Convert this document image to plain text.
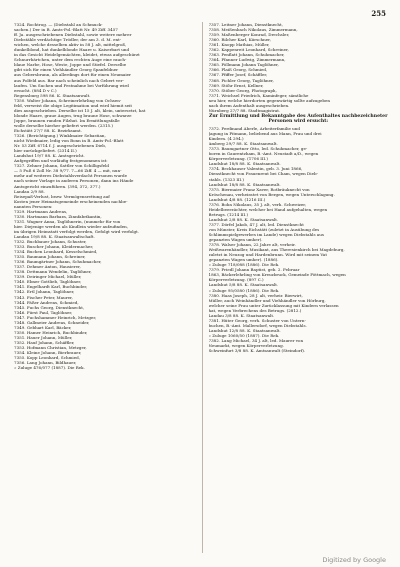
255
7324. Rochtrog. — (Diebstahl an Schmuck-
sachen.) Der in B. Amts-Pol.-Blatt Nr. 49 Ziff. 3457
ff. Ja. ausgeschriebenen Diebstahl, sowie weitere mehrer
Diebstähle verdächtige Trödler, der am 3. d. M. ent-
wichen, welche desselben aktiv in 58 J. alt, mittelgroß,
dunkelblond, hat dunkelblonde Haare u. Kaiserbart und
in das Gesicht Heidelgemächten, kleidet, etwas aufgeschürzt
Schnurrbärtchen, unter dem rechten Auge eine rauch-
blaue Narbe, Hose, Weste, Joppe und Stiefel. Derselbe
gibt sich für einen Viehhändler Georg Spanfeldner
aus Gebersbrunn, als allerdings dort für einen Neumaier
aus Polfeld aus. Bar nach scheinlich nach Gebert ver-
laufen. Um Suchen und Festnahme bei Vorführung wird
ersucht. (884 D v C.)
Regensburg 598 86. K. Staatsanwalt.
7350. Walter Johann, Schreinerlehrling von Ochsen-
feld, verweist die obige Legitimation und wird hiemit seit
dies ausgeschrieben. Derselbe ist 15 J. alt, klein, untersetzt, hat
blonde Haare, graue Augen, trug braune Hose, schwarze
Joppe, braunen runden Filzhut. Im Ermittlungsfalle
wolle derselbe hierher geliefert werden. (2315.)
Eichstätt 27/7 88. K. Bezirksamt.
7326. (Berichtigung.) Winklmaier Sebastian,
nicht Wiedmaier, ledig von Bonn in B. Amts-Pol.-Blatt
Nr. 53 Ziff. 6714 f. J. ausgeschriebenen Dieb,
hier zurückgeliefert. (2314 II.)
Landshut 19/7 88. K. Amtsgericht.
Aufgegriffen und vorläufig festgenommen ist:
7327. Zehner Johann, Sattler von Schilligsfeld
— 5 Fuß 6 Zoll Nr. 38 9/77. 7—66 Ziff. 4 — mit, nun-
mehr auf weiteres Diebstahlsverdacht Personen wurde
nach seiner Vorlage in anderen Personen, dann ins Hände
Amtsgericht einzuführen. (394, 372, 377.)
Landau 2/9 88.
Reisepaß-Verlust, bezw. Vermögensrettung auf
Kosten jener Heimatsgemeinde erscheinenden nachbe-
nannten Personen:
7329. Hartmann Andreas,
7330. Hartmann Barbara, Zinnfabrikantin,
7331. Wagner Anna, Taglöhnerin, (nunmehr für von
hier. Diejenige werden als Kindlein wieder aufzufinden,
im übrigen Heimstatt verfolgt werden, Gefolgt wird verfolgt.
Landau 19/8 88. K. Staatsanwaltschaft.
7332. Buchbauer Johann, Schuster,
7333. Buscher Johann, Kleidermacher,
7334. Buchen Leonhard, Kesselschmied,
7335. Baumann Johann, Schreiner,
7336. Baumgärtner Johann, Schuhmacher,
7337. Dehmer Anton, Hausierer,
7338. Dettmann Wendelin, Taglöhner,
7339. Deiringer Michael, Müller,
7340. Ebner Gottlieb, Taglöhner,
7341. Engelhardt Karl, Buchbinder,
7342. Ertl Johann, Taglöhner,
7343. Fischer Peter, Maurer,
7344. Fäßer Andreas, Schmied,
7345. Fuchs Georg, Dienstknecht,
7346. Fürst Paul, Taglöhner,
7347. Fuchshammer Heinrich, Metzger,
7348. Gallmeier Andreas, Schneider,
7349. Gebhart Karl, Bäcker,
7350. Hamer Heinrich, Buchbinder,
7351. Hauer Johann, Müller,
7352. Hauf Johann, Schäffler,
7353. Hofmann Christian, Metzger,
7354. Kleine Johann, Bierbrauer,
7355. Kopp Leonhard, Schmied,
7356. Lang Johann, Bildhauer,
» Zuluge 476/077 (1887). Die Rek.
7357. Leitner Johann, Dienstknecht,
7358. Meißenbach Nikolaus, Zimmermann,
7359. Maßenberger Konrad, Drechsler,
7360. Rilcher Karl, Kürschner,
7361. Knopp Mathias, Müller,
7362. Kappenreit Leonhard, Schreiner,
7363. Penflatt Johann, Schuhmacher,
7364. Pfanner Ludwig, Zimmermann,
7365. Pöllmann Johann Taglöhner,
7366. Plaiß Georg, Schmied,
7367. Pfiffer Josef, Schäffler,
7368. Pichler Georg, Taglöhner,
7369. Stöhr Ernst, Kellner,
7370. Stöber Georg, Photograph,
7371. Weichsel Friedrich, Kaminfeger, sämtliche
neu hier, welche hierdorten gegenwärtig sollte aufzugeben
nach ihrem Aufenthalt ausgeschrieben.
Nürnberg 27/7 88. Stadtmagistrat.
Zur Ermittlung und Bekanntgabe des Aufenthaltes nachbezeichneter Personen wird ersucht:
7372. Ferdinand Aberle, Arbeiterfamilie und
Jagung in Pitmann, beliebend aus Mann, Frau und drei
Kindern. (4 294.)
Amberg 29/7 88. K. Staatsanwalt.
7373. Baumgartner Otto, led. Schuhmacher, ge-
boren in Gaurentzham, B.-Amt. Neustadt a/D., wegen
Körperverletzung. (1706 III.)
Landshut 18/8 88. K. Staatsanwalt.
7374. Beckhauser Valentin, geb. 3. Juni 1866,
Dienstknecht von Frauenreut bei Cham, wegen Dieb-
stahls. (1323 III.)
Landshut 18/8 88. K. Staatsanwalt.
7375. Biermaier Franz Xaver, Rotbräuknecht von
Kröschenau, verheiratet von Bergen, wegen Unterschlagung.
Landshut 4/8 88. (1216 III.)
7376. Bohn Nikolaus, 35 J. alt, verh. Schweizer,
Heidelbeerzüchter, welcher bei Hand aufgehalten, wegen
Betrugs. (1214 III.)
Landshut 2/8 88. K. Staatsanwalt.
7377. Dörfel Jakob, 47 J. alt, led. Dienstknecht
von Münster, Kreis Eichstätt (zuletzt in Ausübung des
Schlimmspielgewerbes im Lande) wegen Diebstahls aus
gepanzten Wagen umher).
7378. Walser Johann, 22 Jahre alt, verheir.
Weißwarenhändler, Musikant, aus Theresienkirch bei Magdeburg,
zuletzt in Neuzog und Hardenbrunn. Wird mit seinem Vat
gepanzten Wagen umher). (1886).
» Zuluge 718/088 (1886). Die Rek.
7379. Friedl Johann Baptist, geb. 2. Februar
1863, Bäckerlehrling von Kreuzbruck, Gemeinde Föttmach, wegen
Körperverletzung. (897 C.)
Landshut 5/8 88. K. Staatsanwalt.
» Zuluge 95/0580 (1886). Die Rek.
7380. Haas Joseph, 28 J. alt, verheir. Bierwirt,
Müller, auch Weinhändler und Viehhändler von Hörburg,
welcher seine Frau unter Zurücklassung mit Kindern verlassen
hat, wegen Verbrechens des Betrugs. (2812.)
Landau 3/8 88. K. Staatsanwalt.
7381. Hüter Georg, verh. Schuster von Untern-
buchen, B.-Amt. Mallersdorf, wegen Diebstahls.
Landshut 12/8 88. K. Staatsanwalt.
» Zuluge 1060/50 (1887). Die Rek.
7382. Lang Michael, 34 J. alt, led. Maurer von
Neumarkt, wegen Körperverletzung.
Schweinfurt 3/8 88. K. Amtsanwalt (Steindorf).
Digitized by Google
